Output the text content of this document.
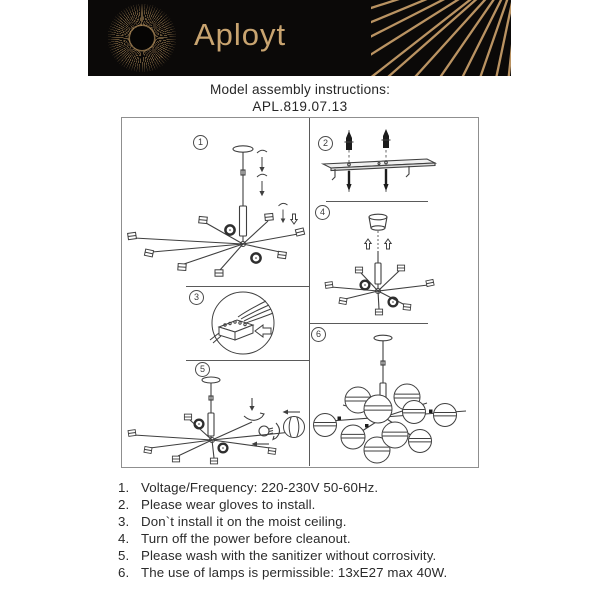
Aployt
Model assembly instructions:
APL.819.07.13
1	2
3
4
5
6
1. Voltage/Frequency: 220-230V 50-60Hz.
2. Please wear gloves to install.
3. Don`t install it on the moist ceiling.
4. Turn off the power before cleanout.
5. Please wash with the sanitizer without corrosivity.
6. The use of lamps is permissible: 13xE27 max 40W.
